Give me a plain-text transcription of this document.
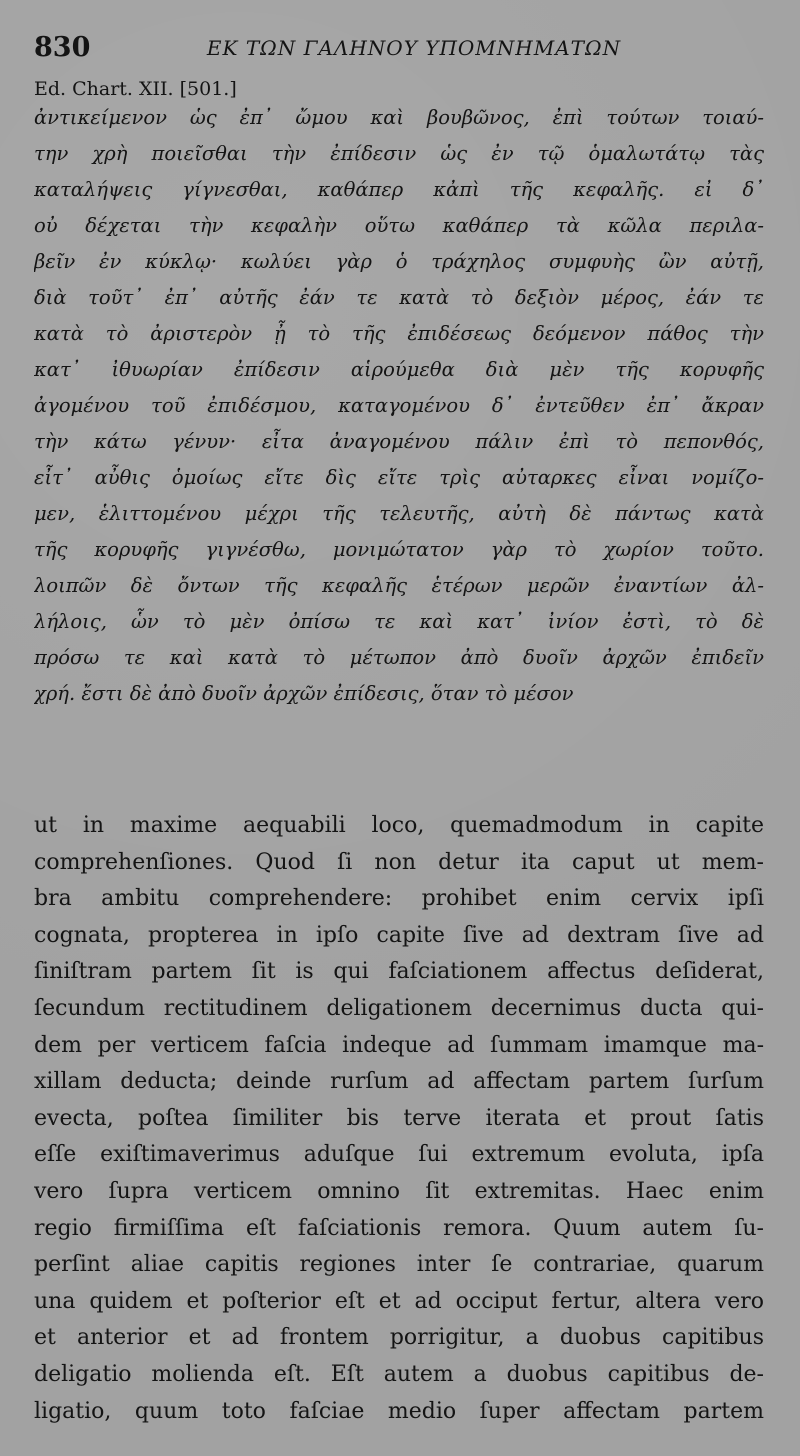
830	ΕΚ ΤΩΝ ΓΑΛΗΝΟΥ ΥΠΟΜΝΗΜΑΤΩΝ
Ed. Chart. XII. [501.]
ἀντικείμενον ὡς ἐπ᾿ ὤμου καὶ βουβῶνος, ἐπὶ τούτων τοιαύ-
την χρὴ ποιεῖσθαι τὴν ἐπίδεσιν ὡς ἐν τῷ ὁμαλωτάτῳ τὰς
καταλήψεις γίγνεσθαι, καθάπερ κἀπὶ τῆς κεφαλῆς. εἰ δ᾿
οὐ δέχεται τὴν κεφαλὴν οὕτω καθάπερ τὰ κῶλα περιλα-
βεῖν ἐν κύκλῳ· κωλύει γὰρ ὁ τράχηλος συμφυὴς ὢν αὐτῇ,
διὰ τοῦτ᾿ ἐπ᾿ αὐτῆς ἐάν τε κατὰ τὸ δεξιὸν μέρος, ἐάν τε
κατὰ τὸ ἀριστερὸν ᾖ τὸ τῆς ἐπιδέσεως δεόμενον πάθος τὴν
κατ᾿ ἰθυωρίαν ἐπίδεσιν αἱρούμεθα διὰ μὲν τῆς κορυφῆς
ἀγομένου τοῦ ἐπιδέσμου, καταγομένου δ᾿ ἐντεῦθεν ἐπ᾿ ἄκραν
τὴν κάτω γένυν· εἶτα ἀναγομένου πάλιν ἐπὶ τὸ πεπονθός,
εἶτ᾿ αὖθις ὁμοίως εἴτε δὶς εἴτε τρὶς αὐταρκες εἶναι νομίζο-
μεν, ἑλιττομένου μέχρι τῆς τελευτῆς, αὐτὴ δὲ πάντως κατὰ
τῆς κορυφῆς γιγνέσθω, μονιμώτατον γὰρ τὸ χωρίον τοῦτο.
λοιπῶν δὲ ὄντων τῆς κεφαλῆς ἑτέρων μερῶν ἐναντίων ἀλ-
λήλοις, ὧν τὸ μὲν ὀπίσω τε καὶ κατ᾿ ἰνίον ἐστὶ, τὸ δὲ
πρόσω τε καὶ κατὰ τὸ μέτωπον ἀπὸ δυοῖν ἀρχῶν ἐπιδεῖν
χρή. ἔστι δὲ ἀπὸ δυοῖν ἀρχῶν ἐπίδεσις, ὅταν τὸ μέσον
ut in maxime aequabili loco, quemadmodum in capite
comprehenſiones. Quod ſi non detur ita caput ut mem-
bra ambitu comprehendere: prohibet enim cervix ipſi
cognata, propterea in ipſo capite ſive ad dextram ſive ad
ſiniſtram partem ſit is qui faſciationem affectus deſiderat,
ſecundum rectitudinem deligationem decernimus ducta qui-
dem per verticem faſcia indeque ad ſummam imamque ma-
xillam deducta; deinde rurſum ad affectam partem ſurſum
evecta, poſtea ſimiliter bis terve iterata et prout ſatis
eſſe exiſtimaverimus aduſque ſui extremum evoluta, ipſa
vero ſupra verticem omnino ſit extremitas. Haec enim
regio firmiſſima eſt faſciationis remora. Quum autem ſu-
perſint aliae capitis regiones inter ſe contrariae, quarum
una quidem et poſterior eſt et ad occiput fertur, altera vero
et anterior et ad frontem porrigitur, a duobus capitibus
deligatio molienda eſt. Eſt autem a duobus capitibus de-
ligatio, quum toto faſciae medio ſuper affectam partem
